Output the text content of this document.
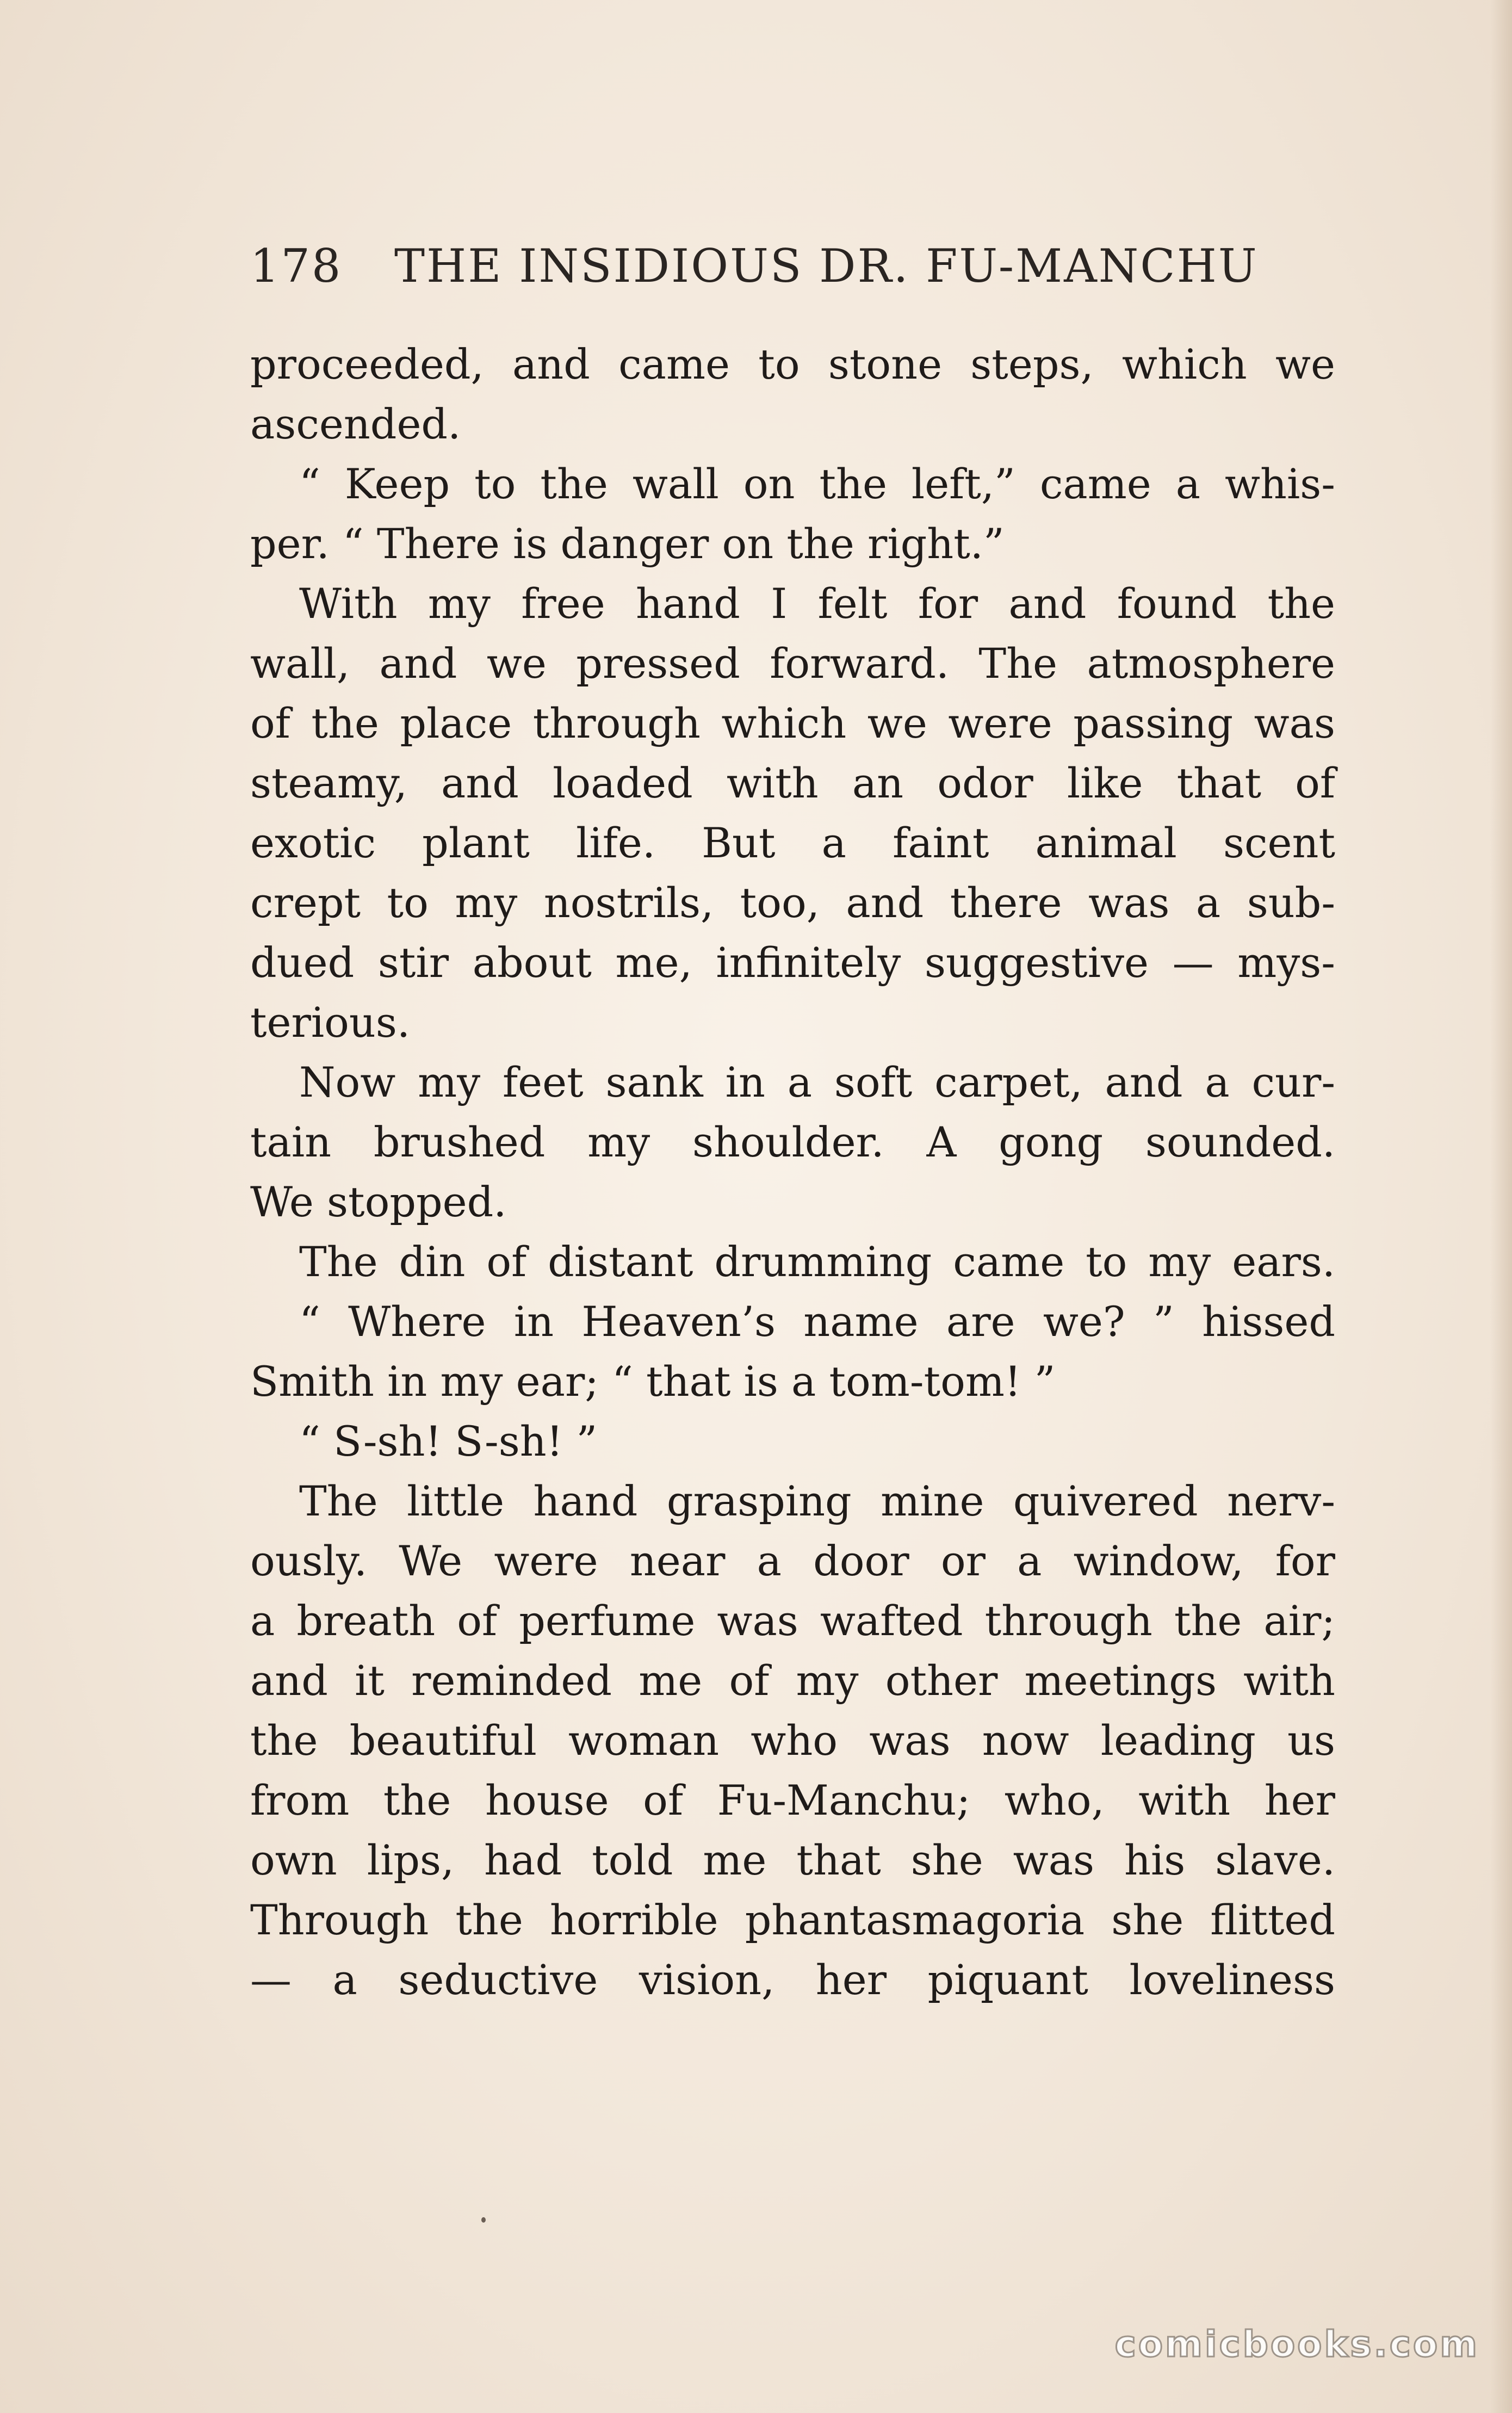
178 THE INSIDIOUS DR. FU-MANCHU
proceeded, and came to stone steps, which we
ascended.
“ Keep to the wall on the left,” came a whis-
per. “ There is danger on the right.”
With my free hand I felt for and found the
wall, and we pressed forward. The atmosphere
of the place through which we were passing was
steamy, and loaded with an odor like that of
exotic plant life. But a faint animal scent
crept to my nostrils, too, and there was a sub-
dued stir about me, infinitely suggestive — mys-
terious.
Now my feet sank in a soft carpet, and a cur-
tain brushed my shoulder. A gong sounded.
We stopped.
The din of distant drumming came to my ears.
“ Where in Heaven’s name are we? ” hissed
Smith in my ear; “ that is a tom-tom! ”
“ S-sh! S-sh! ”
The little hand grasping mine quivered nerv-
ously. We were near a door or a window, for
a breath of perfume was wafted through the air;
and it reminded me of my other meetings with
the beautiful woman who was now leading us
from the house of Fu-Manchu; who, with her
own lips, had told me that she was his slave.
Through the horrible phantasmagoria she flitted
— a seductive vision, her piquant loveliness
comicbooks.com
